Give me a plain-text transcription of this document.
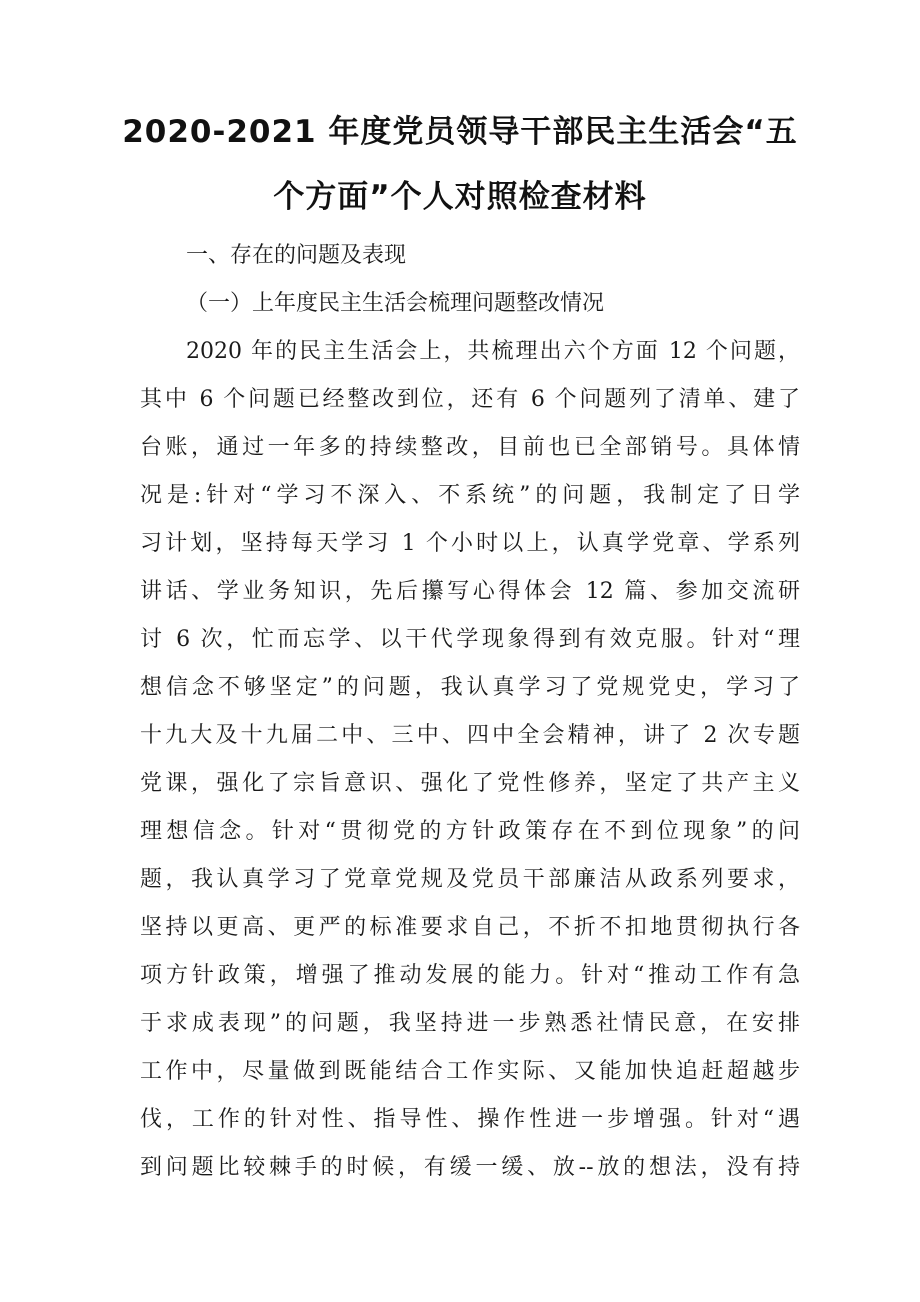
2020-2021 年度党员领导干部民主生活会“五
个方面”个人对照检查材料
一、存在的问题及表现
（一）上年度民主生活会梳理问题整改情况
2020 年的民主生活会上，共梳理出六个方面 12 个问题，
其中 6 个问题已经整改到位，还有 6 个问题列了清单、建了
台账，通过一年多的持续整改，目前也已全部销号。具体情
况是:针对“学习不深入、不系统”的问题，我制定了日学
习计划，坚持每天学习 1 个小时以上，认真学党章、学系列
讲话、学业务知识，先后攥写心得体会 12 篇、参加交流研
讨 6 次，忙而忘学、以干代学现象得到有效克服。针对“理
想信念不够坚定”的问题，我认真学习了党规党史，学习了
十九大及十九届二中、三中、四中全会精神，讲了 2 次专题
党课，强化了宗旨意识、强化了党性修养，坚定了共产主义
理想信念。针对“贯彻党的方针政策存在不到位现象”的问
题，我认真学习了党章党规及党员干部廉洁从政系列要求，
坚持以更高、更严的标准要求自己，不折不扣地贯彻执行各
项方针政策，增强了推动发展的能力。针对“推动工作有急
于求成表现”的问题，我坚持进一步熟悉社情民意，在安排
工作中，尽量做到既能结合工作实际、又能加快追赶超越步
伐，工作的针对性、指导性、操作性进一步增强。针对“遇
到问题比较棘手的时候，有缓一缓、放--放的想法，没有持
